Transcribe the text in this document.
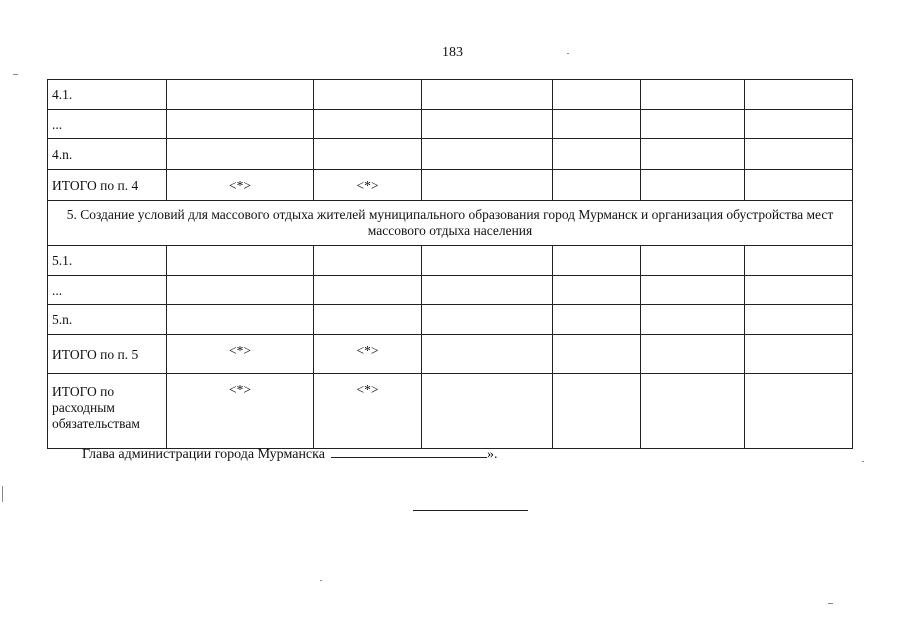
183
4.1.						
...						
4.n.						
ИТОГО по п. 4	<*>	<*>				
5. Создание условий для массового отдыха жителей муниципального образования город Мурманск и организация обустройства мест массового отдыха населения						
5.1.						
...						
5.n.						
ИТОГО по п. 5	<*>	<*>				
ИТОГО по расходным обязательствам	<*>	<*>				
Глава администрации города Мурманска	».
